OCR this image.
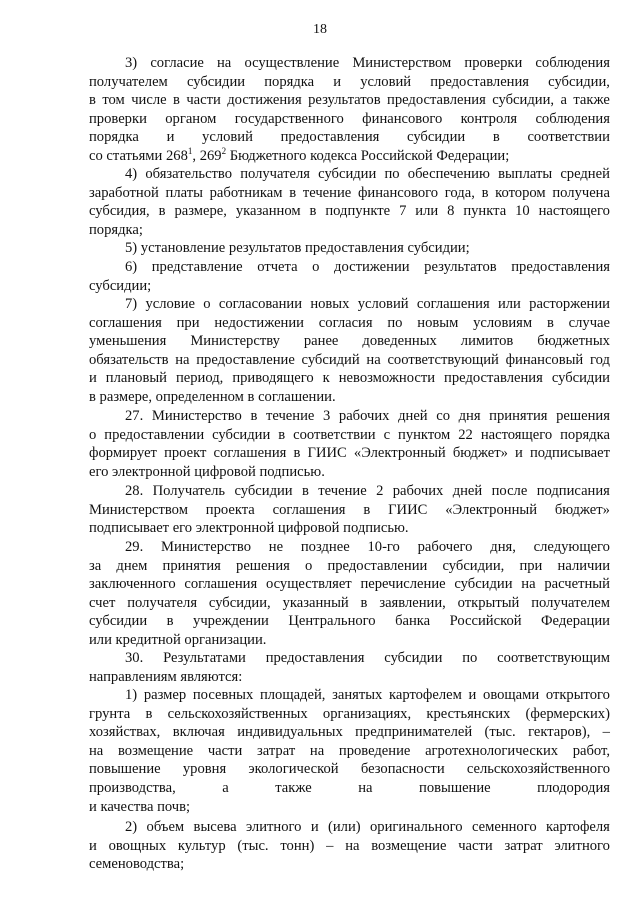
18
3) согласие на осуществление Министерством проверки соблюдения
получателем субсидии порядка и условий предоставления субсидии,
в том числе в части достижения результатов предоставления субсидии, а также
проверки органом государственного финансового контроля соблюдения
порядка и условий предоставления субсидии в соответствии
со статьями $268^1$, $269^2$ Бюджетного кодекса Российской Федерации;
4) обязательство получателя субсидии по обеспечению выплаты средней
заработной платы работникам в течение финансового года, в котором получена
субсидия, в размере, указанном в подпункте 7 или 8 пункта 10 настоящего
порядка;
5) установление результатов предоставления субсидии;
6) представление отчета о достижении результатов предоставления
субсидии;
7) условие о согласовании новых условий соглашения или расторжении
соглашения при недостижении согласия по новым условиям в случае
уменьшения Министерству ранее доведенных лимитов бюджетных
обязательств на предоставление субсидий на соответствующий финансовый год
и плановый период, приводящего к невозможности предоставления субсидии
в размере, определенном в соглашении.
27. Министерство в течение 3 рабочих дней со дня принятия решения
о предоставлении субсидии в соответствии с пунктом 22 настоящего порядка
формирует проект соглашения в ГИИС «Электронный бюджет» и подписывает
его электронной цифровой подписью.
28. Получатель субсидии в течение 2 рабочих дней после подписания
Министерством проекта соглашения в ГИИС «Электронный бюджет»
подписывает его электронной цифровой подписью.
29. Министерство не позднее 10-го рабочего дня, следующего
за днем принятия решения о предоставлении субсидии, при наличии
заключенного соглашения осуществляет перечисление субсидии на расчетный
счет получателя субсидии, указанный в заявлении, открытый получателем
субсидии в учреждении Центрального банка Российской Федерации
или кредитной организации.
30. Результатами предоставления субсидии по соответствующим
направлениям являются:
1) размер посевных площадей, занятых картофелем и овощами открытого
грунта в сельскохозяйственных организациях, крестьянских (фермерских)
хозяйствах, включая индивидуальных предпринимателей (тыс. гектаров), –
на возмещение части затрат на проведение агротехнологических работ,
повышение уровня экологической безопасности сельскохозяйственного
производства,	а	также	на	повышение	плодородия
и качества почв;
2) объем высева элитного и (или) оригинального семенного картофеля
и овощных культур (тыс. тонн) – на возмещение части затрат элитного
семеноводства;
